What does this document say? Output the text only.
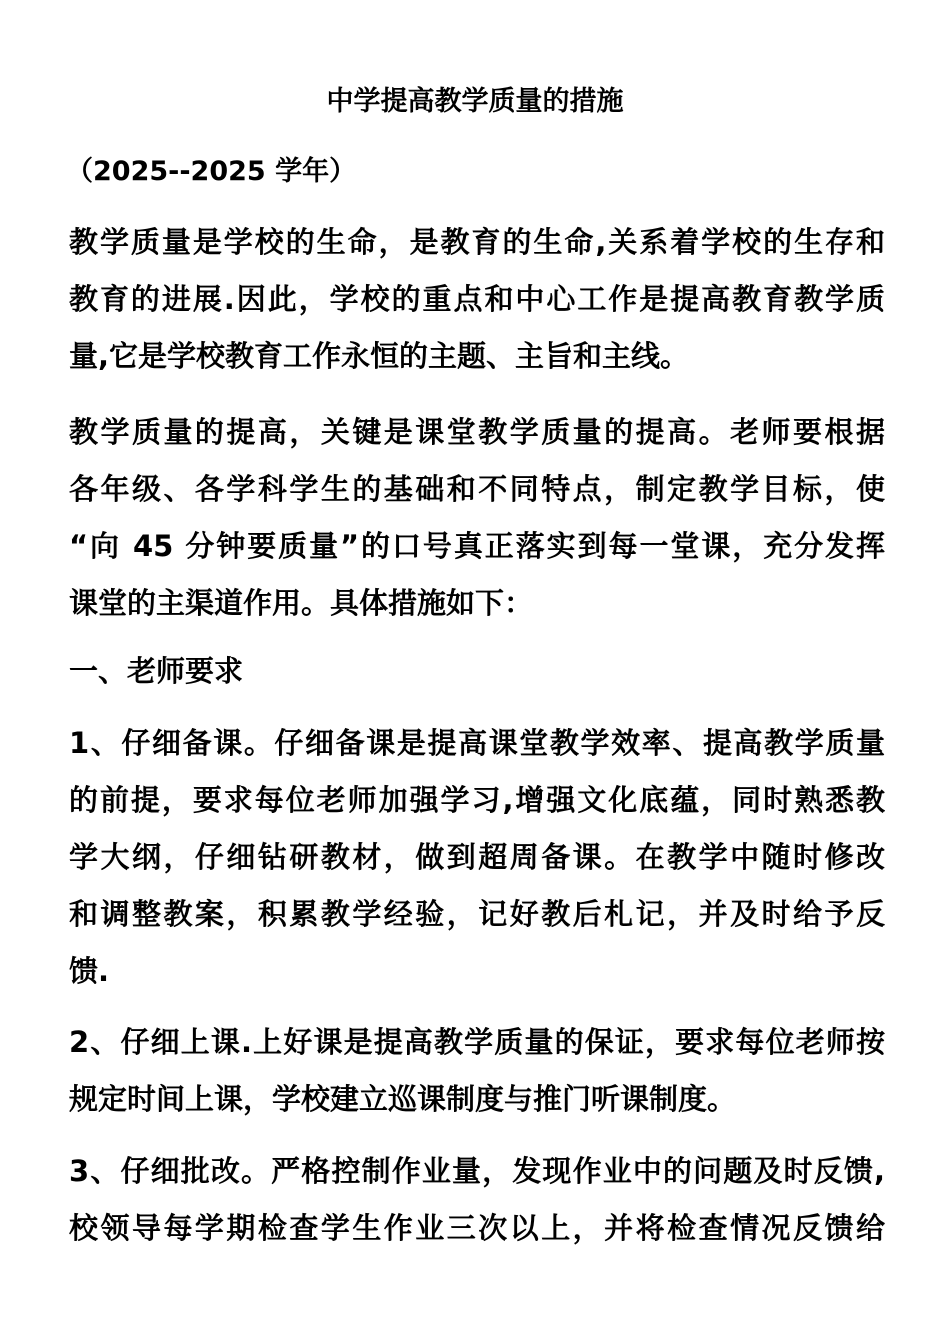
中学提高教学质量的措施
（2025--2025 学年）
教学质量是学校的生命，是教育的生命,关系着学校的生存和
教育的进展.因此，学校的重点和中心工作是提高教育教学质
量,它是学校教育工作永恒的主题、主旨和主线。
教学质量的提高，关键是课堂教学质量的提高。老师要根据
各年级、各学科学生的基础和不同特点，制定教学目标，使
“向 45 分钟要质量”的口号真正落实到每一堂课，充分发挥
课堂的主渠道作用。具体措施如下：
一、老师要求
1、仔细备课。仔细备课是提高课堂教学效率、提高教学质量
的前提，要求每位老师加强学习,增强文化底蕴，同时熟悉教
学大纲，仔细钻研教材，做到超周备课。在教学中随时修改
和调整教案，积累教学经验，记好教后札记，并及时给予反
馈.
2、仔细上课.上好课是提高教学质量的保证，要求每位老师按
规定时间上课，学校建立巡课制度与推门听课制度。
3、仔细批改。严格控制作业量，发现作业中的问题及时反馈,
校领导每学期检查学生作业三次以上，并将检查情况反馈给
